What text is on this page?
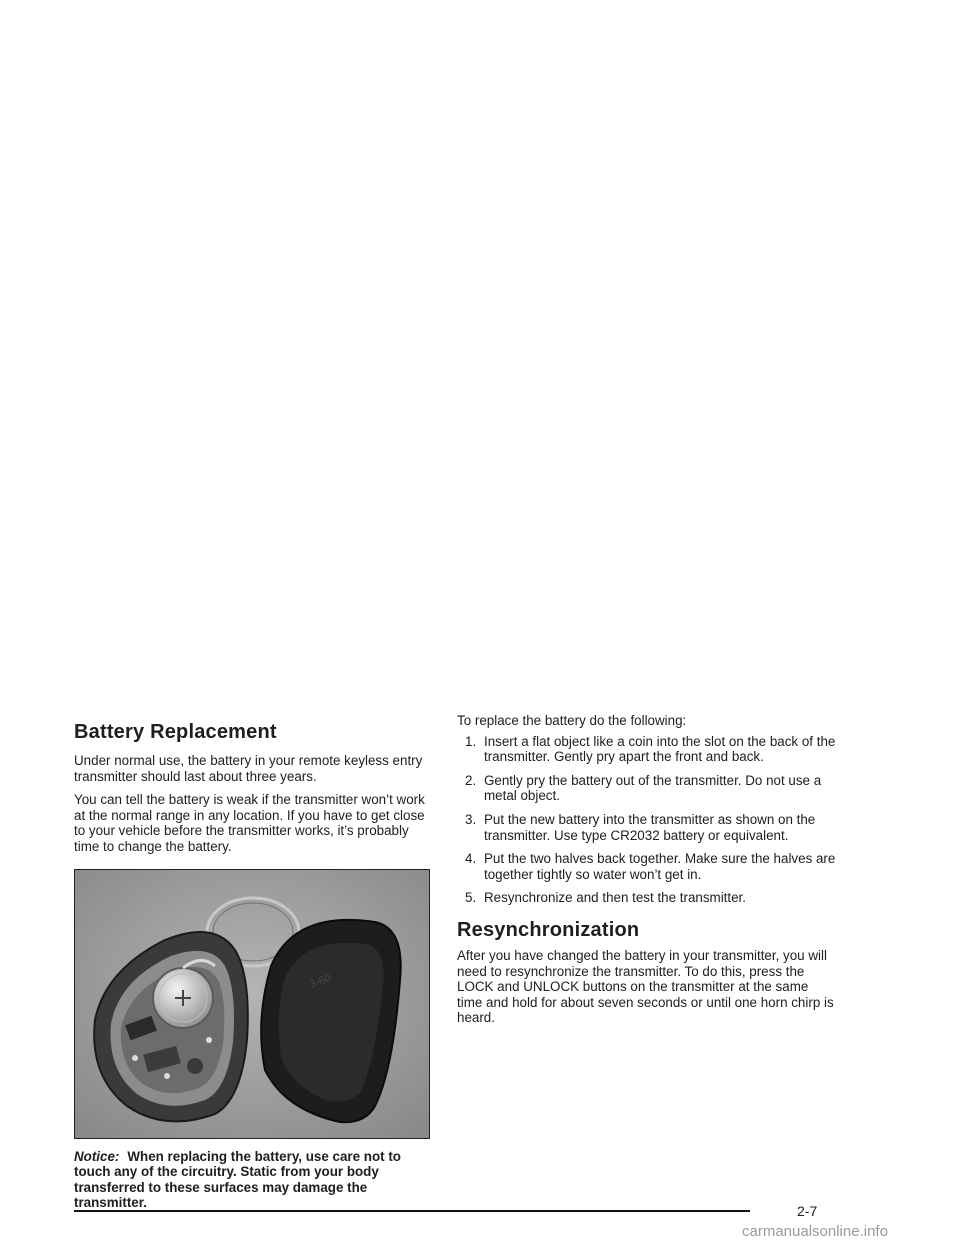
Battery Replacement

Under normal use, the battery in your remote keyless entry transmitter should last about three years.

You can tell the battery is weak if the transmitter won’t work at the normal range in any location. If you have to get close to your vehicle before the transmitter works, it’s probably time to change the battery.

3-60

Notice: When replacing the battery, use care not to touch any of the circuitry. Static from your body transferred to these surfaces may damage the transmitter.

To replace the battery do the following:

1. Insert a flat object like a coin into the slot on the back of the transmitter. Gently pry apart the front and back.
2. Gently pry the battery out of the transmitter. Do not use a metal object.
3. Put the new battery into the transmitter as shown on the transmitter. Use type CR2032 battery or equivalent.
4. Put the two halves back together. Make sure the halves are together tightly so water won’t get in.
5. Resynchronize and then test the transmitter.
Resynchronization

After you have changed the battery in your transmitter, you will need to resynchronize the transmitter. To do this, press the LOCK and UNLOCK buttons on the transmitter at the same time and hold for about seven seconds or until one horn chirp is heard.

2-7
carmanualsonline.info
